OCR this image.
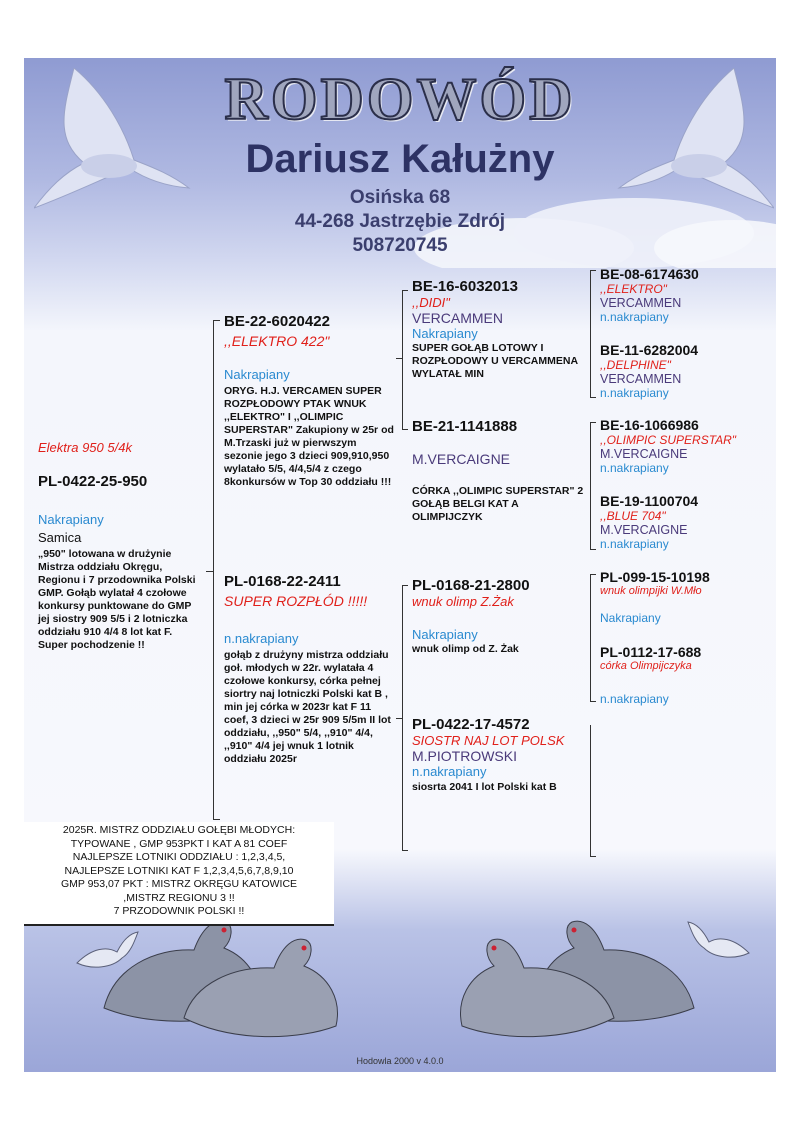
RODOWÓD
Dariusz Kałużny
Osińska 68
44-268 Jastrzębie Zdrój
508720745
Elektra 950 5/4k
PL-0422-25-950
Nakrapiany
Samica
„950" lotowana w drużynie Mistrza oddziału Okręgu, Regionu i 7 przodownika Polski GMP. Gołąb wylatał 4 czołowe konkursy punktowane do GMP jej siostry 909 5/5 i 2 lotniczka oddziału 910 4/4 8 lot kat F. Super pochodzenie !!
BE-22-6020422
,,ELEKTRO 422"
Nakrapiany
ORYG. H.J. VERCAMEN SUPER ROZPŁODOWY PTAK WNUK ,,ELEKTRO" I ,,OLIMPIC SUPERSTAR" Zakupiony w 25r od M.Trzaski już w pierwszym sezonie jego 3 dzieci 909,910,950 wylatało 5/5, 4/4,5/4 z czego 8konkursów w Top 30 oddziału !!!
PL-0168-22-2411
SUPER ROZPŁÓD !!!!!
n.nakrapiany
gołąb z drużyny mistrza oddziału goł. młodych w 22r. wylatała 4 czołowe konkursy, córka pełnej siortry naj lotniczki Polski kat B , min jej córka w 2023r kat F 11 coef, 3 dzieci w 25r 909 5/5m II lot oddziału, ,,950" 5/4, ,,910" 4/4, ,,910" 4/4 jej wnuk 1 lotnik oddziału 2025r
BE-16-6032013
,,DIDI"
VERCAMMEN
Nakrapiany
SUPER GOŁĄB LOTOWY I ROZPŁODOWY U VERCAMMENA WYLATAŁ MIN
BE-21-1141888
M.VERCAIGNE
CÓRKA ,,OLIMPIC SUPERSTAR" 2 GOŁĄB BELGI KAT A OLIMPIJCZYK
PL-0168-21-2800
wnuk olimp Z.Żak
Nakrapiany
wnuk olimp od Z. Żak
PL-0422-17-4572
SIOSTR NAJ LOT POLSK
M.PIOTROWSKI
n.nakrapiany
siosrta 2041 I lot Polski kat B
BE-08-6174630
,,ELEKTRO"
VERCAMMEN
n.nakrapiany
BE-11-6282004
,,DELPHINE"
VERCAMMEN
n.nakrapiany
BE-16-1066986
,,OLIMPIC SUPERSTAR"
M.VERCAIGNE
n.nakrapiany
BE-19-1100704
,,BLUE 704"
M.VERCAIGNE
n.nakrapiany
PL-099-15-10198
wnuk olimpijki W.Mło
Nakrapiany
PL-0112-17-688
córka Olimpijczyka
n.nakrapiany
Hodowla 2000 v 4.0.0
2025R. MISTRZ ODDZIAŁU GOŁĘBI MŁODYCH:
TYPOWANE , GMP 953PKT I KAT A 81 COEF
NAJLEPSZE LOTNIKI ODDZIAŁU : 1,2,3,4,5,
NAJLEPSZE LOTNIKI KAT F 1,2,3,4,5,6,7,8,9,10
GMP 953,07 PKT : MISTRZ OKRĘGU KATOWICE
,MISTRZ REGIONU 3 !!
7 PRZODOWNIK POLSKI !!
